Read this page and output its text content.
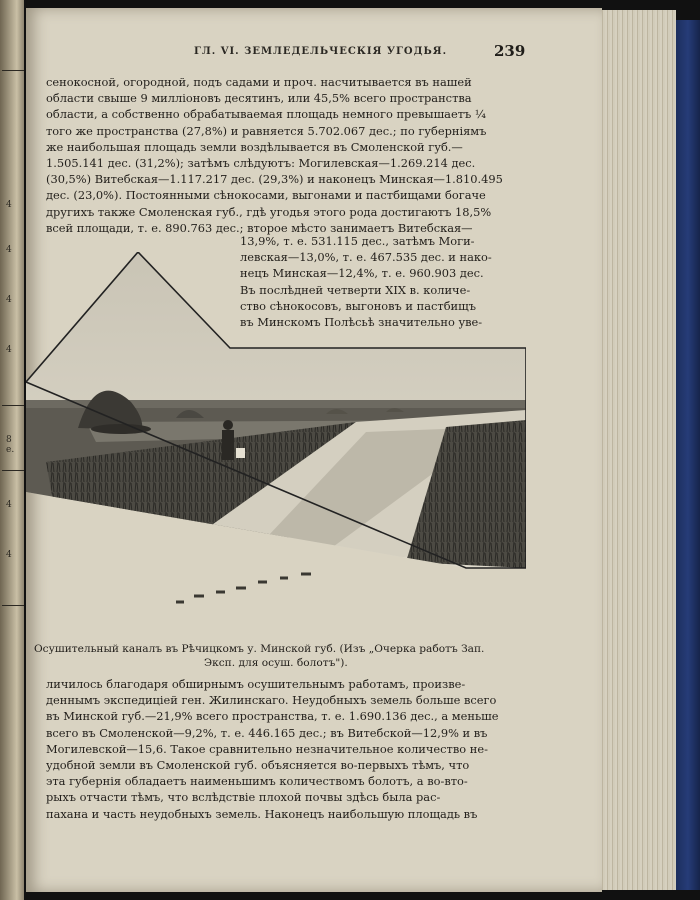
4
4
4
4
8 е.
4
4
ГЛ. VI. ЗЕМЛЕДЕЛЬЧЕСКІЯ УГОДЬЯ.	239
сенокосной, огородной, подъ садами и проч. насчитывается въ нашей
области свыше 9 милліоновъ десятинъ, или 45,5% всего пространства
области, а собственно обрабатываемая площадь немного превышаетъ ¼
того же пространства (27,8%) и равняется 5.702.067 дес.; по губерніямъ
же наибольшая площадь земли воздѣлывается въ Смоленской губ.—
1.505.141 дес. (31,2%); затѣмъ слѣдуютъ: Могилевская—1.269.214 дес.
(30,5%) Витебская—1.117.217 дес. (29,3%) и наконецъ Минская—1.810.495
дес. (23,0%). Постоянными сѣнокосами, выгонами и пастбищами богаче
другихъ также Смоленская губ., гдѣ угодья этого рода достигаютъ 18,5%
всей площади, т. е. 890.763 дес.; второе мѣсто занимаетъ Витебская—
13,9%, т. е. 531.115 дес., затѣмъ Моги-
левская—13,0%, т. е. 467.535 дес. и нако-
нецъ Минская—12,4%, т. е. 960.903 дес.
Въ послѣдней четверти XIX в. количе-
ство сѣнокосовъ, выгоновъ и пастбищъ
въ Минскомъ Полѣсьѣ значительно уве-
Осушительный каналъ въ Рѣчицкомъ у. Минской губ. (Изъ „Очерка работъ Зап.
Эксп. для осуш. болотъ").
личилось благодаря обширнымъ осушительнымъ работамъ, произве-
деннымъ экспедиціей ген. Жилинскаго. Неудобныхъ земель больше всего
въ Минской губ.—21,9% всего пространства, т. е. 1.690.136 дес., а меньше
всего въ Смоленской—9,2%, т. е. 446.165 дес.; въ Витебской—12,9% и въ
Могилевской—15,6. Такое сравнительно незначительное количество не-
удобной земли въ Смоленской губ. объясняется во-первыхъ тѣмъ, что
эта губернія обладаетъ наименьшимъ количествомъ болотъ, а во-вто-
рыхъ отчасти тѣмъ, что вслѣдствіе плохой почвы здѣсь была рас-
пахана и часть неудобныхъ земель. Наконецъ наибольшую площадь въ
